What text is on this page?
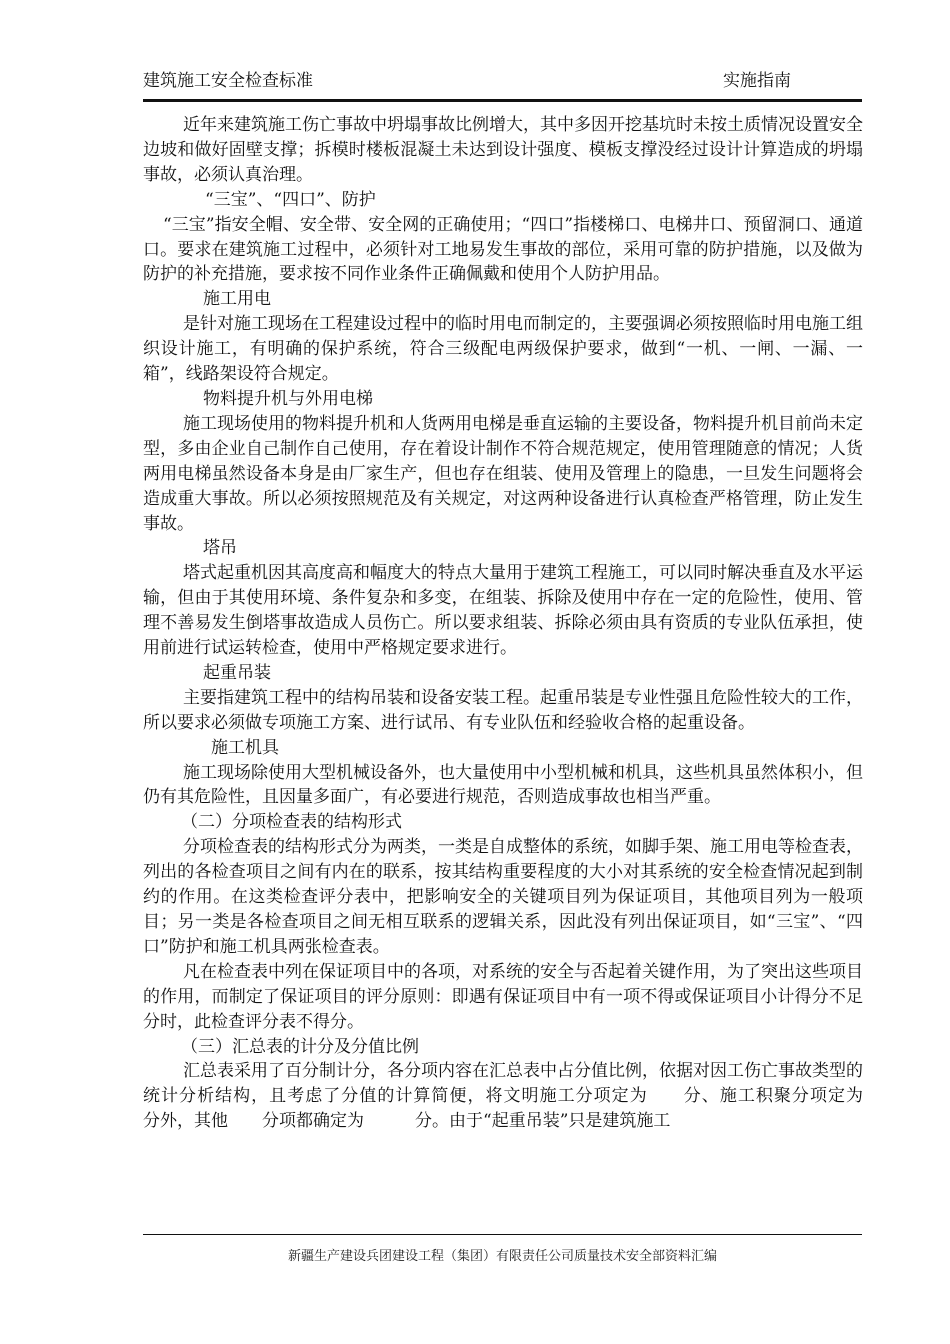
建筑施工安全检查标准	实施指南

近年来建筑施工伤亡事故中坍塌事故比例增大，其中多因开挖基坑时未按土质情况设置安全边坡和做好固壁支撑；拆模时楼板混凝土未达到设计强度、模板支撑没经过设计计算造成的坍塌事故，必须认真治理。

“三宝”、“四口”、防护

“三宝”指安全帽、安全带、安全网的正确使用；“四口”指楼梯口、电梯井口、预留洞口、通道口。要求在建筑施工过程中，必须针对工地易发生事故的部位，采用可靠的防护措施，以及做为防护的补充措施，要求按不同作业条件正确佩戴和使用个人防护用品。

施工用电

是针对施工现场在工程建设过程中的临时用电而制定的，主要强调必须按照临时用电施工组织设计施工，有明确的保护系统，符合三级配电两级保护要求，做到“一机、一闸、一漏、一箱”，线路架设符合规定。

物料提升机与外用电梯

施工现场使用的物料提升机和人货两用电梯是垂直运输的主要设备，物料提升机目前尚未定型，多由企业自己制作自己使用，存在着设计制作不符合规范规定，使用管理随意的情况；人货两用电梯虽然设备本身是由厂家生产，但也存在组装、使用及管理上的隐患，一旦发生问题将会造成重大事故。所以必须按照规范及有关规定，对这两种设备进行认真检查严格管理，防止发生事故。

塔吊

塔式起重机因其高度高和幅度大的特点大量用于建筑工程施工，可以同时解决垂直及水平运输，但由于其使用环境、条件复杂和多变，在组装、拆除及使用中存在一定的危险性，使用、管理不善易发生倒塔事故造成人员伤亡。所以要求组装、拆除必须由具有资质的专业队伍承担，使用前进行试运转检查，使用中严格规定要求进行。

起重吊装

主要指建筑工程中的结构吊装和设备安装工程。起重吊装是专业性强且危险性较大的工作，所以要求必须做专项施工方案、进行试吊、有专业队伍和经验收合格的起重设备。

施工机具

施工现场除使用大型机械设备外，也大量使用中小型机械和机具，这些机具虽然体积小，但仍有其危险性，且因量多面广，有必要进行规范，否则造成事故也相当严重。

（二）分项检查表的结构形式

分项检查表的结构形式分为两类，一类是自成整体的系统，如脚手架、施工用电等检查表，列出的各检查项目之间有内在的联系，按其结构重要程度的大小对其系统的安全检查情况起到制约的作用。在这类检查评分表中，把影响安全的关键项目列为保证项目，其他项目列为一般项目；另一类是各检查项目之间无相互联系的逻辑关系，因此没有列出保证项目，如“三宝”、“四口”防护和施工机具两张检查表。

凡在检查表中列在保证项目中的各项，对系统的安全与否起着关键作用，为了突出这些项目的作用，而制定了保证项目的评分原则：即遇有保证项目中有一项不得或保证项目小计得分不足　　分时，此检查评分表不得分。

（三）汇总表的计分及分值比例

汇总表采用了百分制计分，各分项内容在汇总表中占分值比例，依据对因工伤亡事故类型的统计分析结构，且考虑了分值的计算简便，将文明施工分项定为　　分、施工积聚分项定为　　分外，其他　　分项都确定为　　　分。由于“起重吊装”只是建筑施工

新疆生产建设兵团建设工程（集团）有限责任公司质量技术安全部资料汇编
